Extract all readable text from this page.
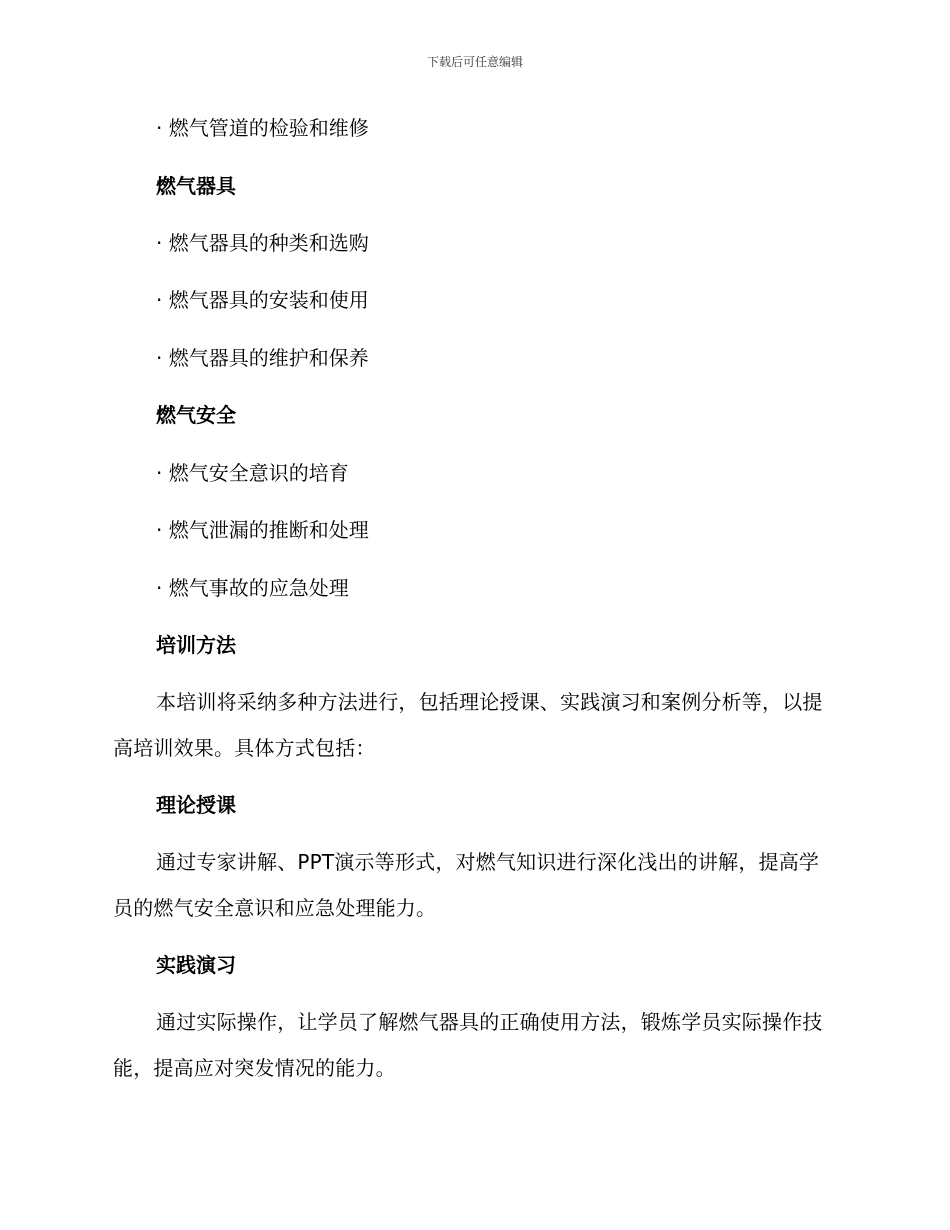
下载后可任意编辑
· 燃气管道的检验和维修
燃气器具
· 燃气器具的种类和选购
· 燃气器具的安装和使用
· 燃气器具的维护和保养
燃气安全
· 燃气安全意识的培育
· 燃气泄漏的推断和处理
· 燃气事故的应急处理
培训方法
本培训将采纳多种方法进行，包括理论授课、实践演习和案例分析等，以提高培训效果。具体方式包括：
理论授课
通过专家讲解、PPT演示等形式，对燃气知识进行深化浅出的讲解，提高学员的燃气安全意识和应急处理能力。
实践演习
通过实际操作，让学员了解燃气器具的正确使用方法，锻炼学员实际操作技能，提高应对突发情况的能力。
